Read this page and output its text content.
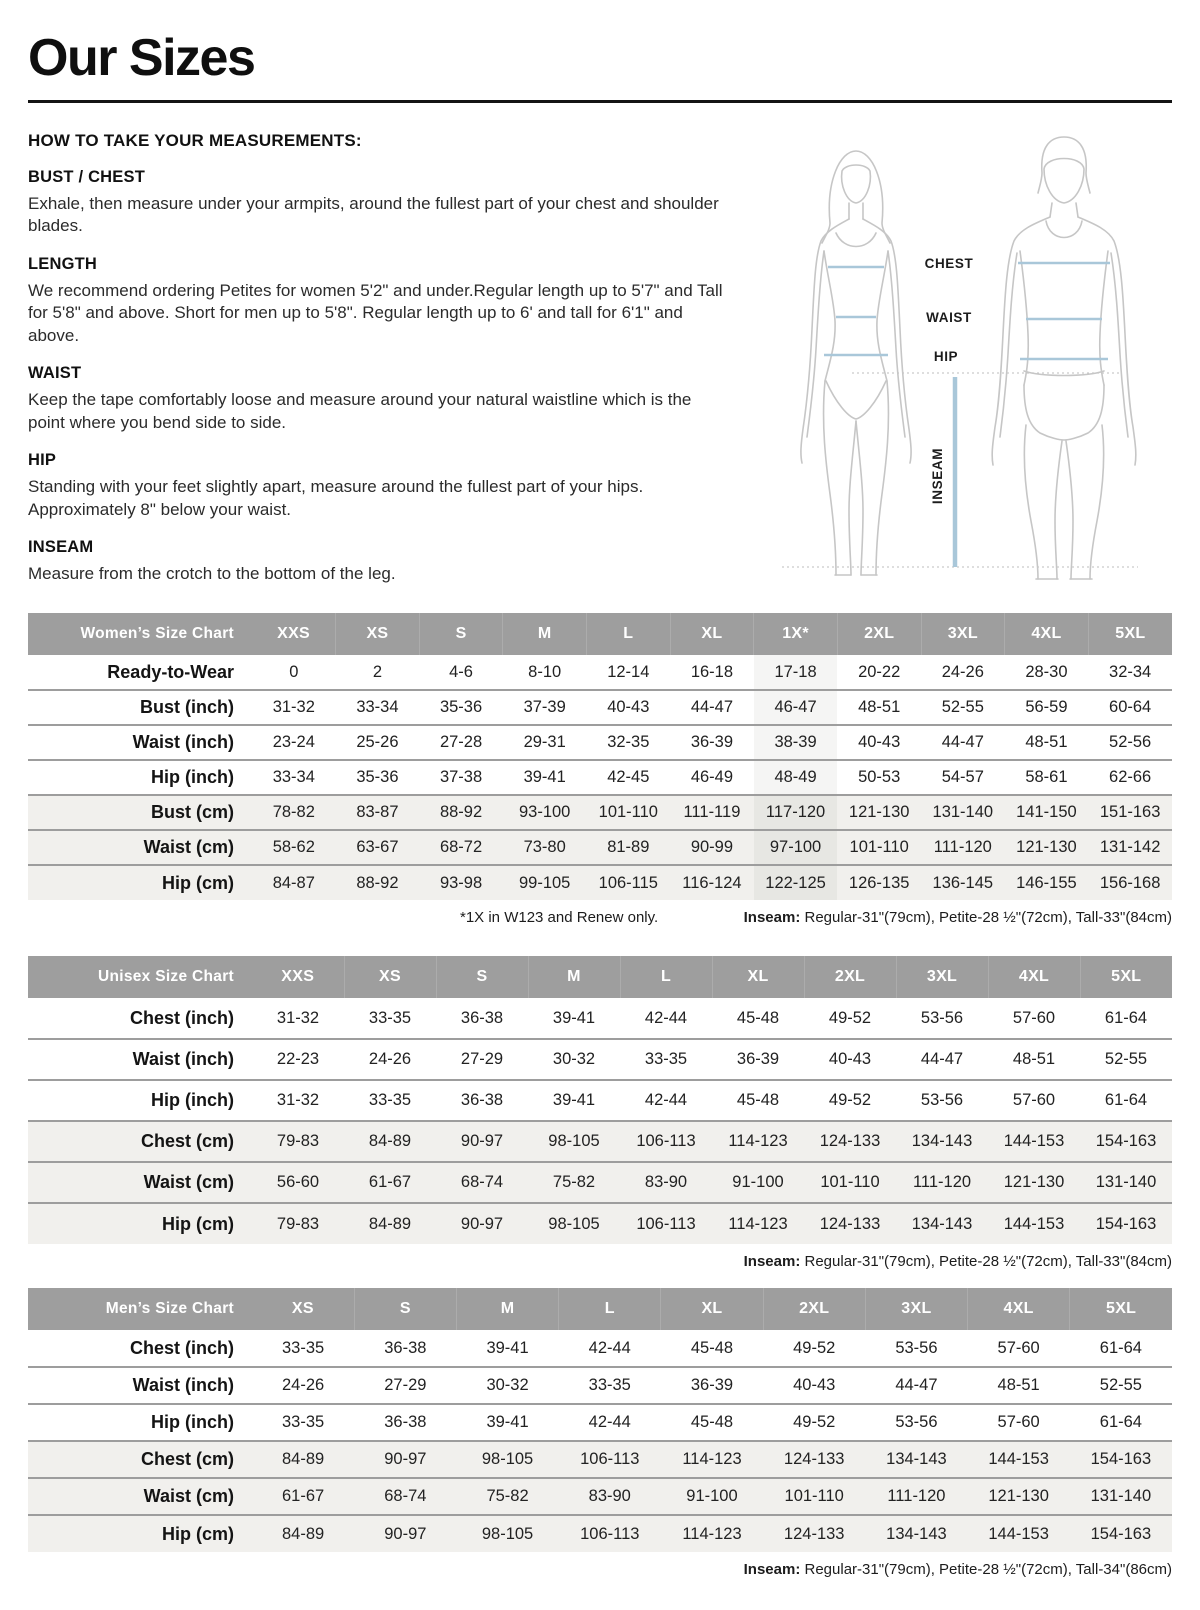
Our Sizes
HOW TO TAKE YOUR MEASUREMENTS:
BUST / CHEST

Exhale, then measure under your armpits, around the fullest part of your chest and shoulder blades.

LENGTH

We recommend ordering Petites for women 5'2" and under.Regular length up to 5'7" and Tall for 5'8" and above. Short for men up to 5'8". Regular length up to 6' and tall for 6'1" and above.

WAIST

Keep the tape comfortably loose and measure around your natural waistline which is the point where you bend side to side.

HIP

Standing with your feet slightly apart, measure around the fullest part of your hips. Approximately 8" below your waist.

INSEAM

Measure from the crotch to the bottom of the leg.

CHEST
WAIST
HIP
INSEAM
Women’s Size Chart	XXS	XS	S	M	L	XL	1X*	2XL	3XL	4XL	5XL
Ready-to-Wear	0	2	4-6	8-10	12-14	16-18	17-18	20-22	24-26	28-30	32-34
Bust (inch)	31-32	33-34	35-36	37-39	40-43	44-47	46-47	48-51	52-55	56-59	60-64
Waist (inch)	23-24	25-26	27-28	29-31	32-35	36-39	38-39	40-43	44-47	48-51	52-56
Hip (inch)	33-34	35-36	37-38	39-41	42-45	46-49	48-49	50-53	54-57	58-61	62-66
Bust (cm)	78-82	83-87	88-92	93-100	101-110	111-119	117-120	121-130	131-140	141-150	151-163
Waist (cm)	58-62	63-67	68-72	73-80	81-89	90-99	97-100	101-110	111-120	121-130	131-142
Hip (cm)	84-87	88-92	93-98	99-105	106-115	116-124	122-125	126-135	136-145	146-155	156-168
*1X in W123 and Renew only.	Inseam: Regular-31"(79cm), Petite-28 ½"(72cm), Tall-33"(84cm)

Unisex Size Chart	XXS	XS	S	M	L	XL	2XL	3XL	4XL	5XL
Chest (inch)	31-32	33-35	36-38	39-41	42-44	45-48	49-52	53-56	57-60	61-64
Waist (inch)	22-23	24-26	27-29	30-32	33-35	36-39	40-43	44-47	48-51	52-55
Hip (inch)	31-32	33-35	36-38	39-41	42-44	45-48	49-52	53-56	57-60	61-64
Chest (cm)	79-83	84-89	90-97	98-105	106-113	114-123	124-133	134-143	144-153	154-163
Waist (cm)	56-60	61-67	68-74	75-82	83-90	91-100	101-110	111-120	121-130	131-140
Hip (cm)	79-83	84-89	90-97	98-105	106-113	114-123	124-133	134-143	144-153	154-163

Inseam: Regular-31"(79cm), Petite-28 ½"(72cm), Tall-33"(84cm)

Men’s Size Chart	XS	S	M	L	XL	2XL	3XL	4XL	5XL
Chest (inch)	33-35	36-38	39-41	42-44	45-48	49-52	53-56	57-60	61-64
Waist (inch)	24-26	27-29	30-32	33-35	36-39	40-43	44-47	48-51	52-55
Hip (inch)	33-35	36-38	39-41	42-44	45-48	49-52	53-56	57-60	61-64
Chest (cm)	84-89	90-97	98-105	106-113	114-123	124-133	134-143	144-153	154-163
Waist (cm)	61-67	68-74	75-82	83-90	91-100	101-110	111-120	121-130	131-140
Hip (cm)	84-89	90-97	98-105	106-113	114-123	124-133	134-143	144-153	154-163

Inseam: Regular-31"(79cm), Petite-28 ½"(72cm), Tall-34"(86cm)
